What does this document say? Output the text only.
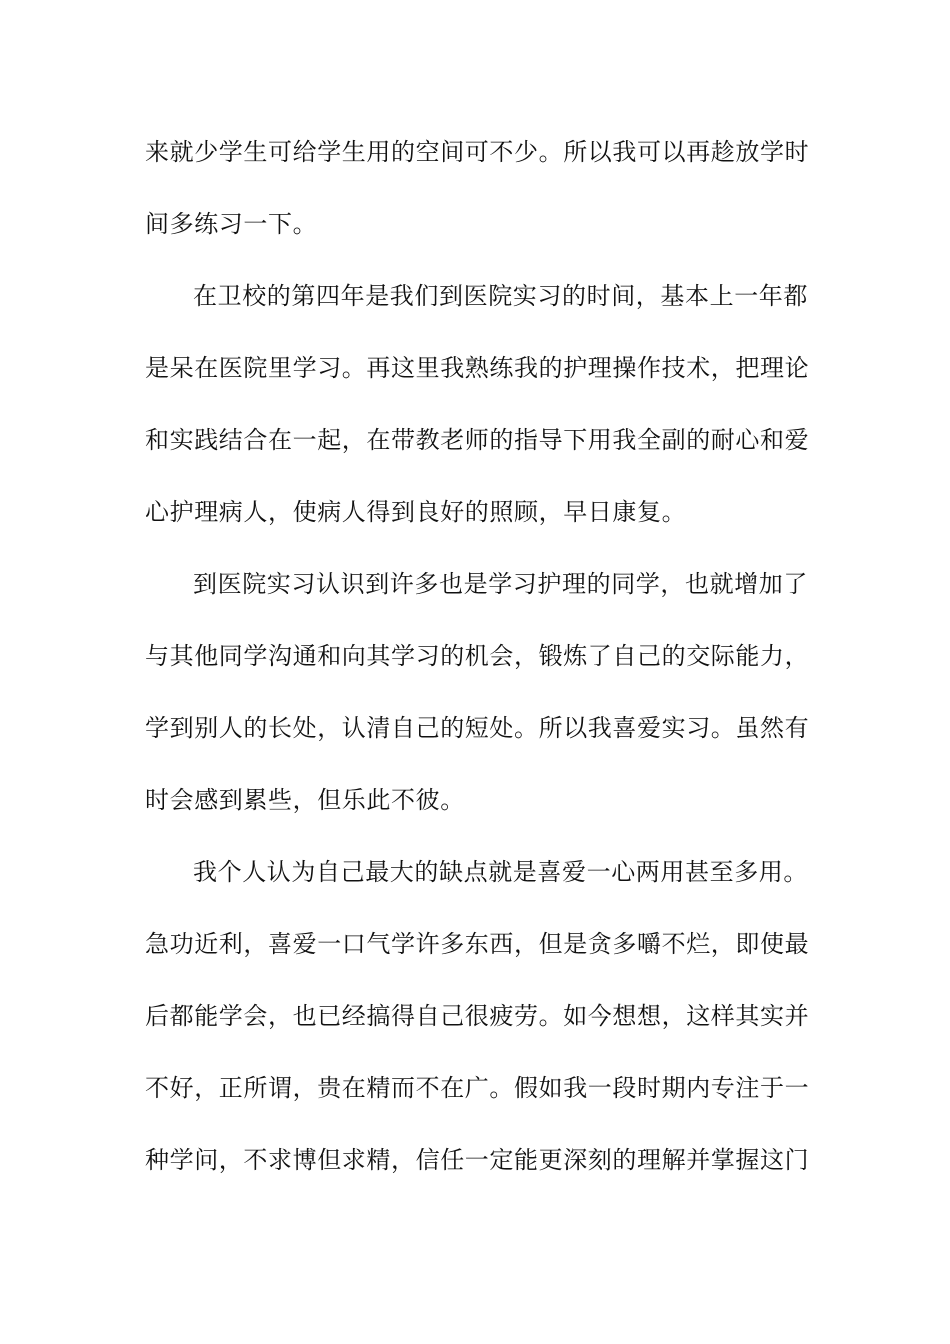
来就少学生可给学生用的空间可不少。所以我可以再趁放学时
间多练习一下。
在卫校的第四年是我们到医院实习的时间，基本上一年都
是呆在医院里学习。再这里我熟练我的护理操作技术，把理论
和实践结合在一起，在带教老师的指导下用我全副的耐心和爱
心护理病人，使病人得到良好的照顾，早日康复。
到医院实习认识到许多也是学习护理的同学，也就增加了
与其他同学沟通和向其学习的机会，锻炼了自己的交际能力，
学到别人的长处，认清自己的短处。所以我喜爱实习。虽然有
时会感到累些，但乐此不彼。
我个人认为自己最大的缺点就是喜爱一心两用甚至多用。
急功近利，喜爱一口气学许多东西，但是贪多嚼不烂，即使最
后都能学会，也已经搞得自己很疲劳。如今想想，这样其实并
不好，正所谓，贵在精而不在广。假如我一段时期内专注于一
种学问，不求博但求精，信任一定能更深刻的理解并掌握这门
